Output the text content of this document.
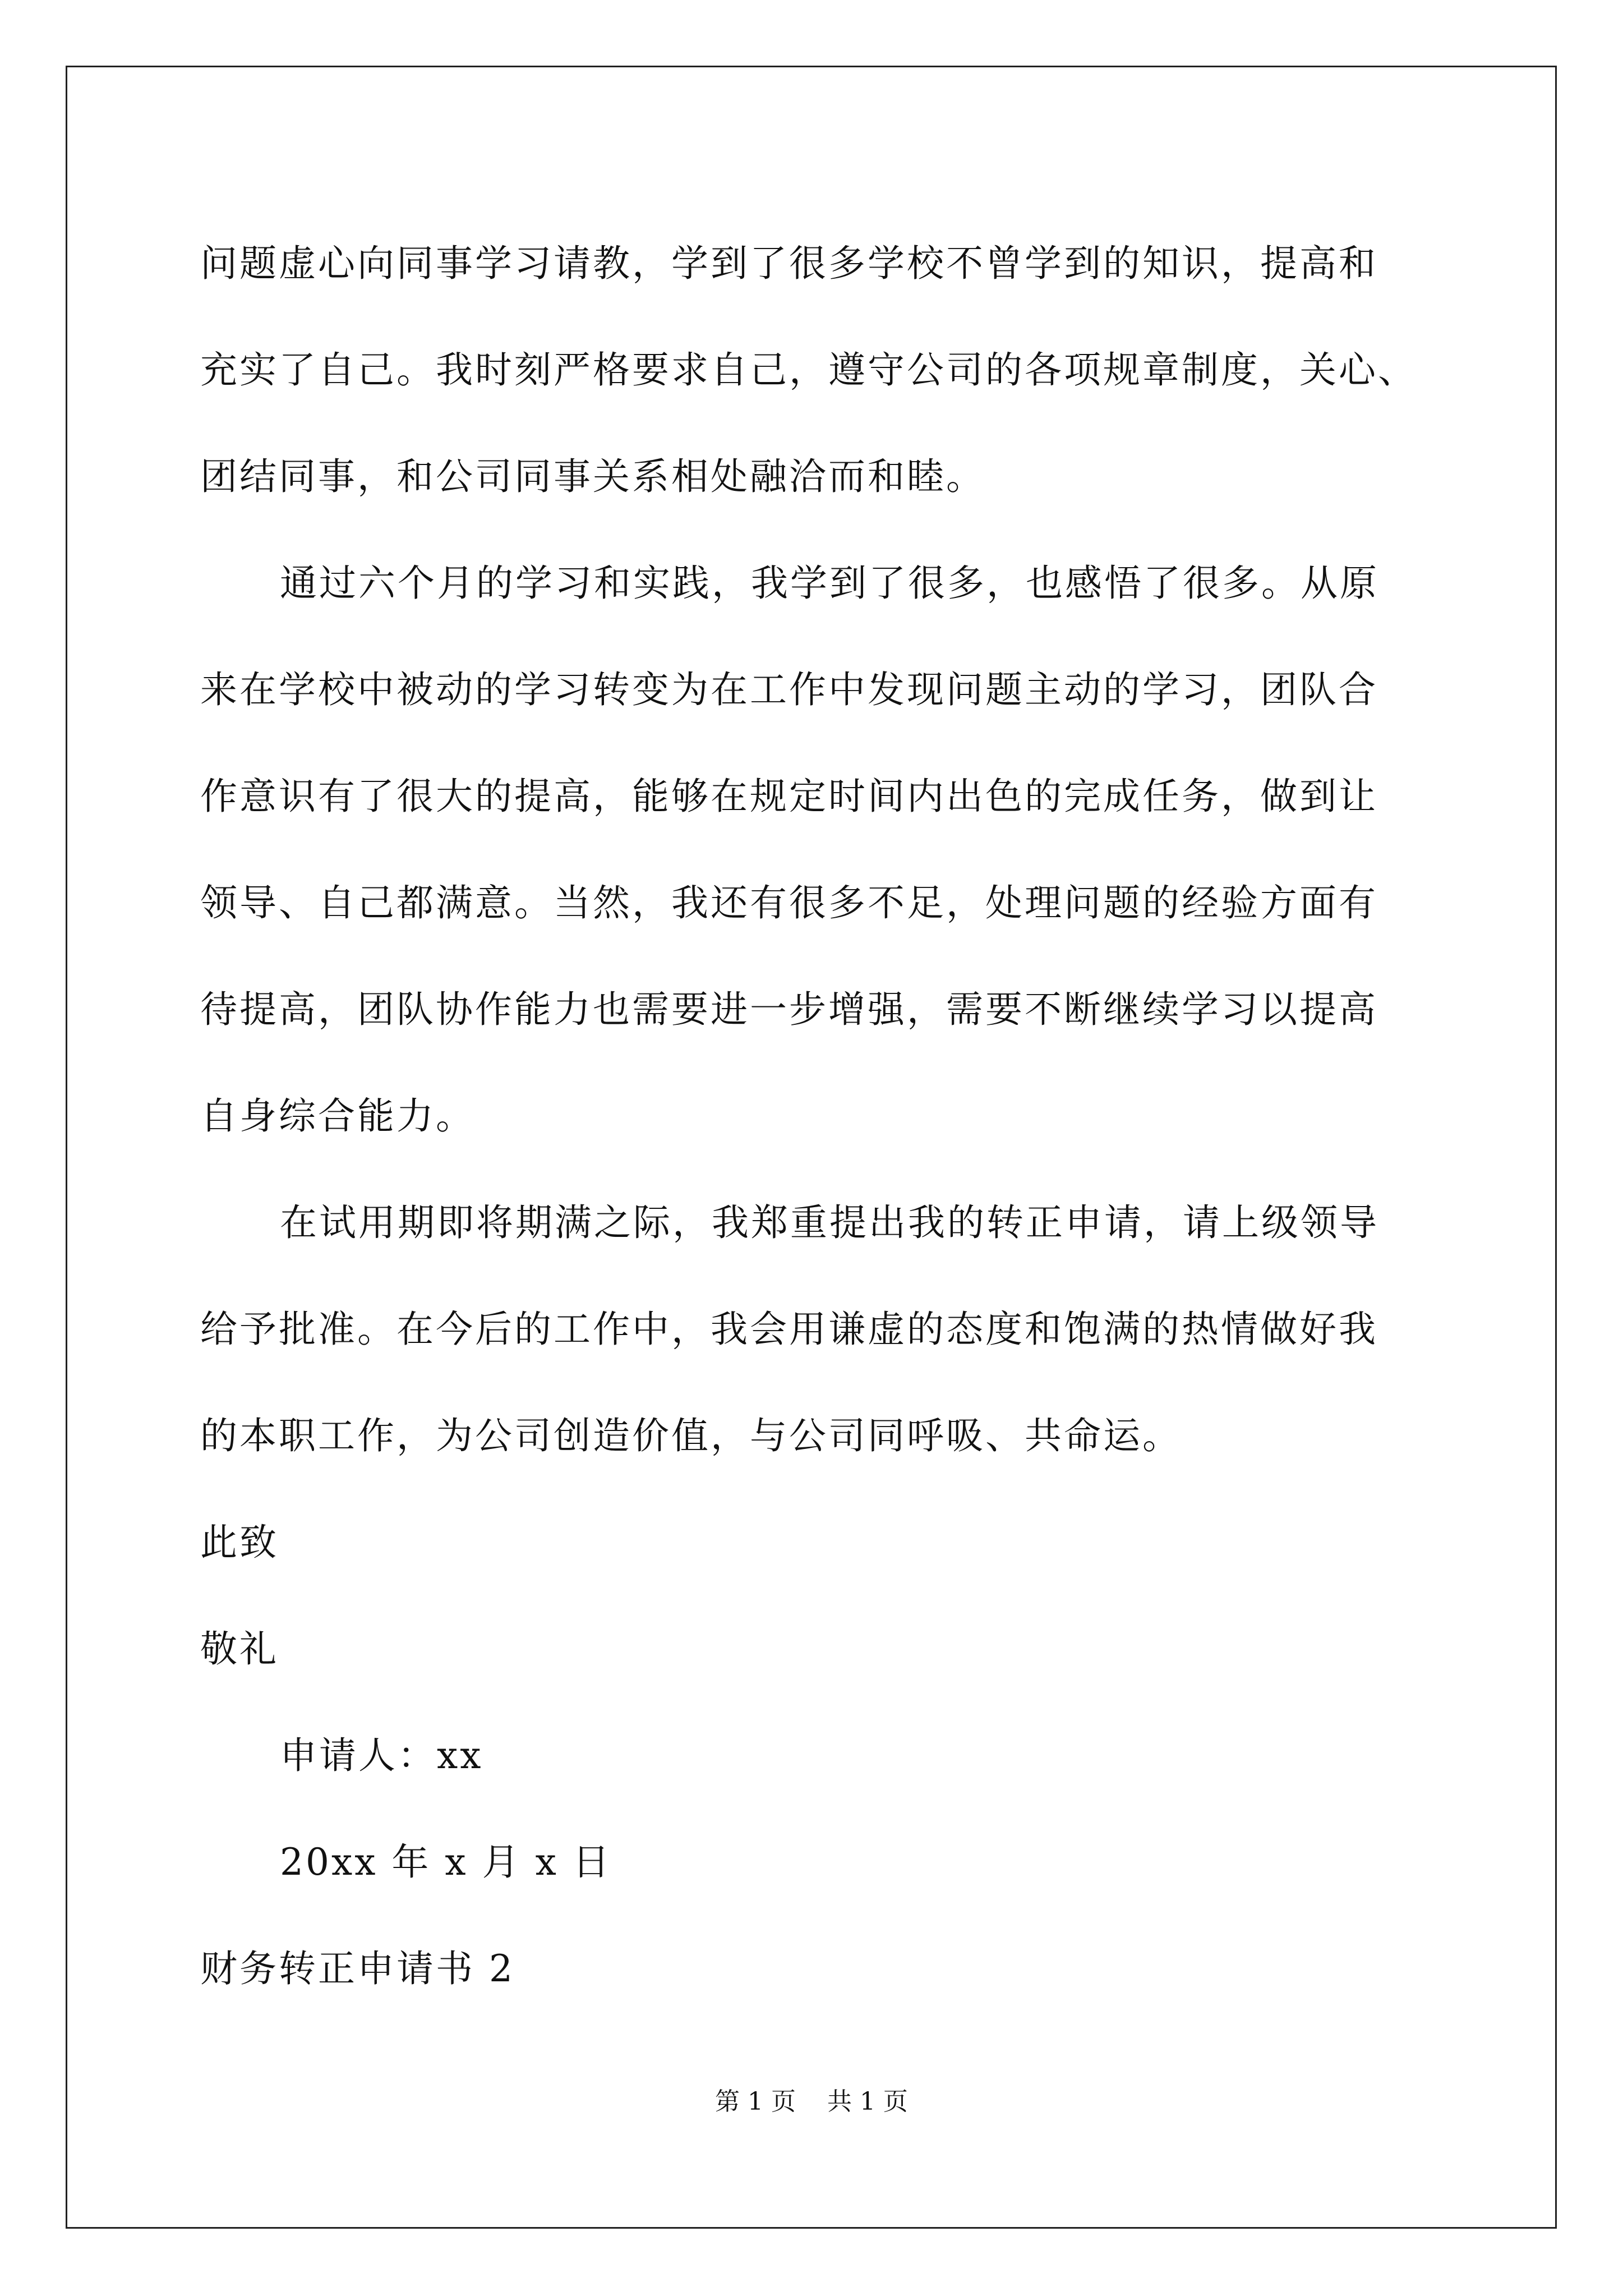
问题虚心向同事学习请教，学到了很多学校不曾学到的知识，提高和
充实了自己。我时刻严格要求自己，遵守公司的各项规章制度，关心、
团结同事，和公司同事关系相处融洽而和睦。
通过六个月的学习和实践，我学到了很多，也感悟了很多。从原
来在学校中被动的学习转变为在工作中发现问题主动的学习，团队合
作意识有了很大的提高，能够在规定时间内出色的完成任务，做到让
领导、自己都满意。当然，我还有很多不足，处理问题的经验方面有
待提高，团队协作能力也需要进一步增强，需要不断继续学习以提高
自身综合能力。
在试用期即将期满之际，我郑重提出我的转正申请，请上级领导
给予批准。在今后的工作中，我会用谦虚的态度和饱满的热情做好我
的本职工作，为公司创造价值，与公司同呼吸、共命运。
此致
敬礼
申请人：xx
20xx 年 x 月 x 日
财务转正申请书 2
第 1 页    共 1 页
